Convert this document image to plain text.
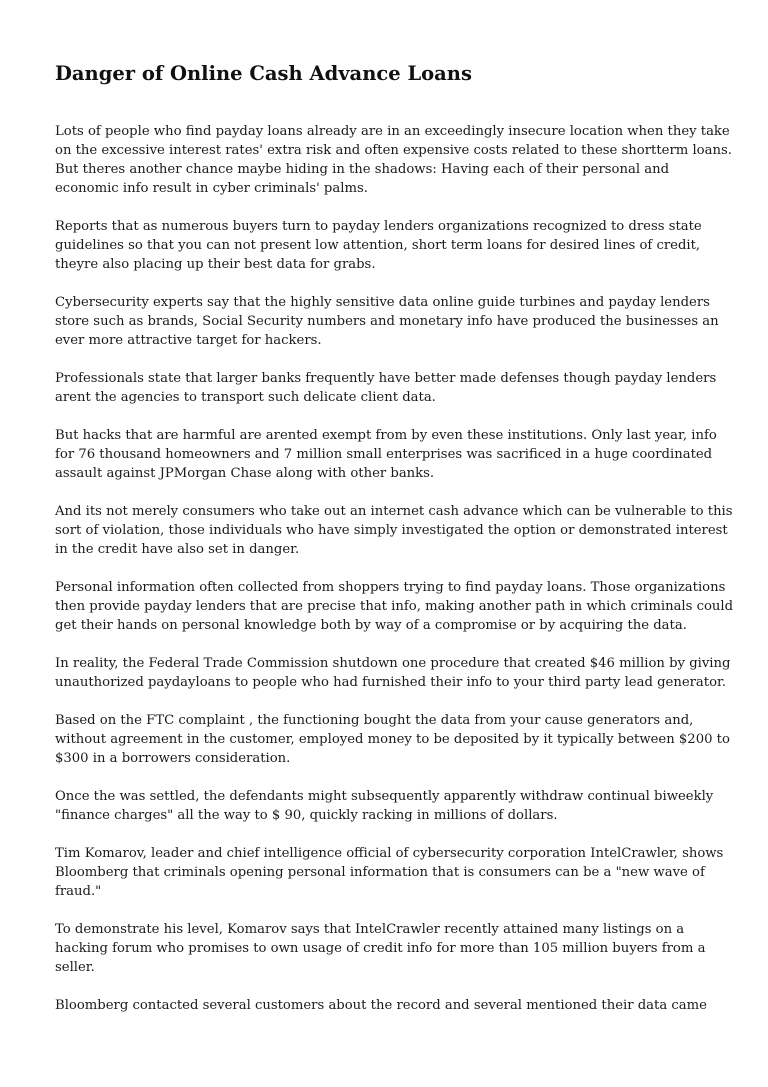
Danger of Online Cash Advance Loans

Lots of people who find payday loans already are in an exceedingly insecure location when they take
on the excessive interest rates' extra risk and often expensive costs related to these shortterm loans.
But theres another chance maybe hiding in the shadows: Having each of their personal and
economic info result in cyber criminals' palms.

Reports that as numerous buyers turn to payday lenders organizations recognized to dress state
guidelines so that you can not present low attention, short term loans for desired lines of credit,
theyre also placing up their best data for grabs.

Cybersecurity experts say that the highly sensitive data online guide turbines and payday lenders
store such as brands, Social Security numbers and monetary info have produced the businesses an
ever more attractive target for hackers.

Professionals state that larger banks frequently have better made defenses though payday lenders
arent the agencies to transport such delicate client data.

But hacks that are harmful are arented exempt from by even these institutions. Only last year, info
for 76 thousand homeowners and 7 million small enterprises was sacrificed in a huge coordinated
assault against JPMorgan Chase along with other banks.

And its not merely consumers who take out an internet cash advance which can be vulnerable to this
sort of violation, those individuals who have simply investigated the option or demonstrated interest
in the credit have also set in danger.

Personal information often collected from shoppers trying to find payday loans. Those organizations
then provide payday lenders that are precise that info, making another path in which criminals could
get their hands on personal knowledge both by way of a compromise or by acquiring the data.

In reality, the Federal Trade Commission shutdown one procedure that created $46 million by giving
unauthorized paydayloans to people who had furnished their info to your third party lead generator.

Based on the FTC complaint , the functioning bought the data from your cause generators and,
without agreement in the customer, employed money to be deposited by it typically between $200 to
$300 in a borrowers consideration.

Once the was settled, the defendants might subsequently apparently withdraw continual biweekly
"finance charges" all the way to $ 90, quickly racking in millions of dollars.

Tim Komarov, leader and chief intelligence official of cybersecurity corporation IntelCrawler, shows
Bloomberg that criminals opening personal information that is consumers can be a "new wave of
fraud."

To demonstrate his level, Komarov says that IntelCrawler recently attained many listings on a
hacking forum who promises to own usage of credit info for more than 105 million buyers from a
seller.

Bloomberg contacted several customers about the record and several mentioned their data came
